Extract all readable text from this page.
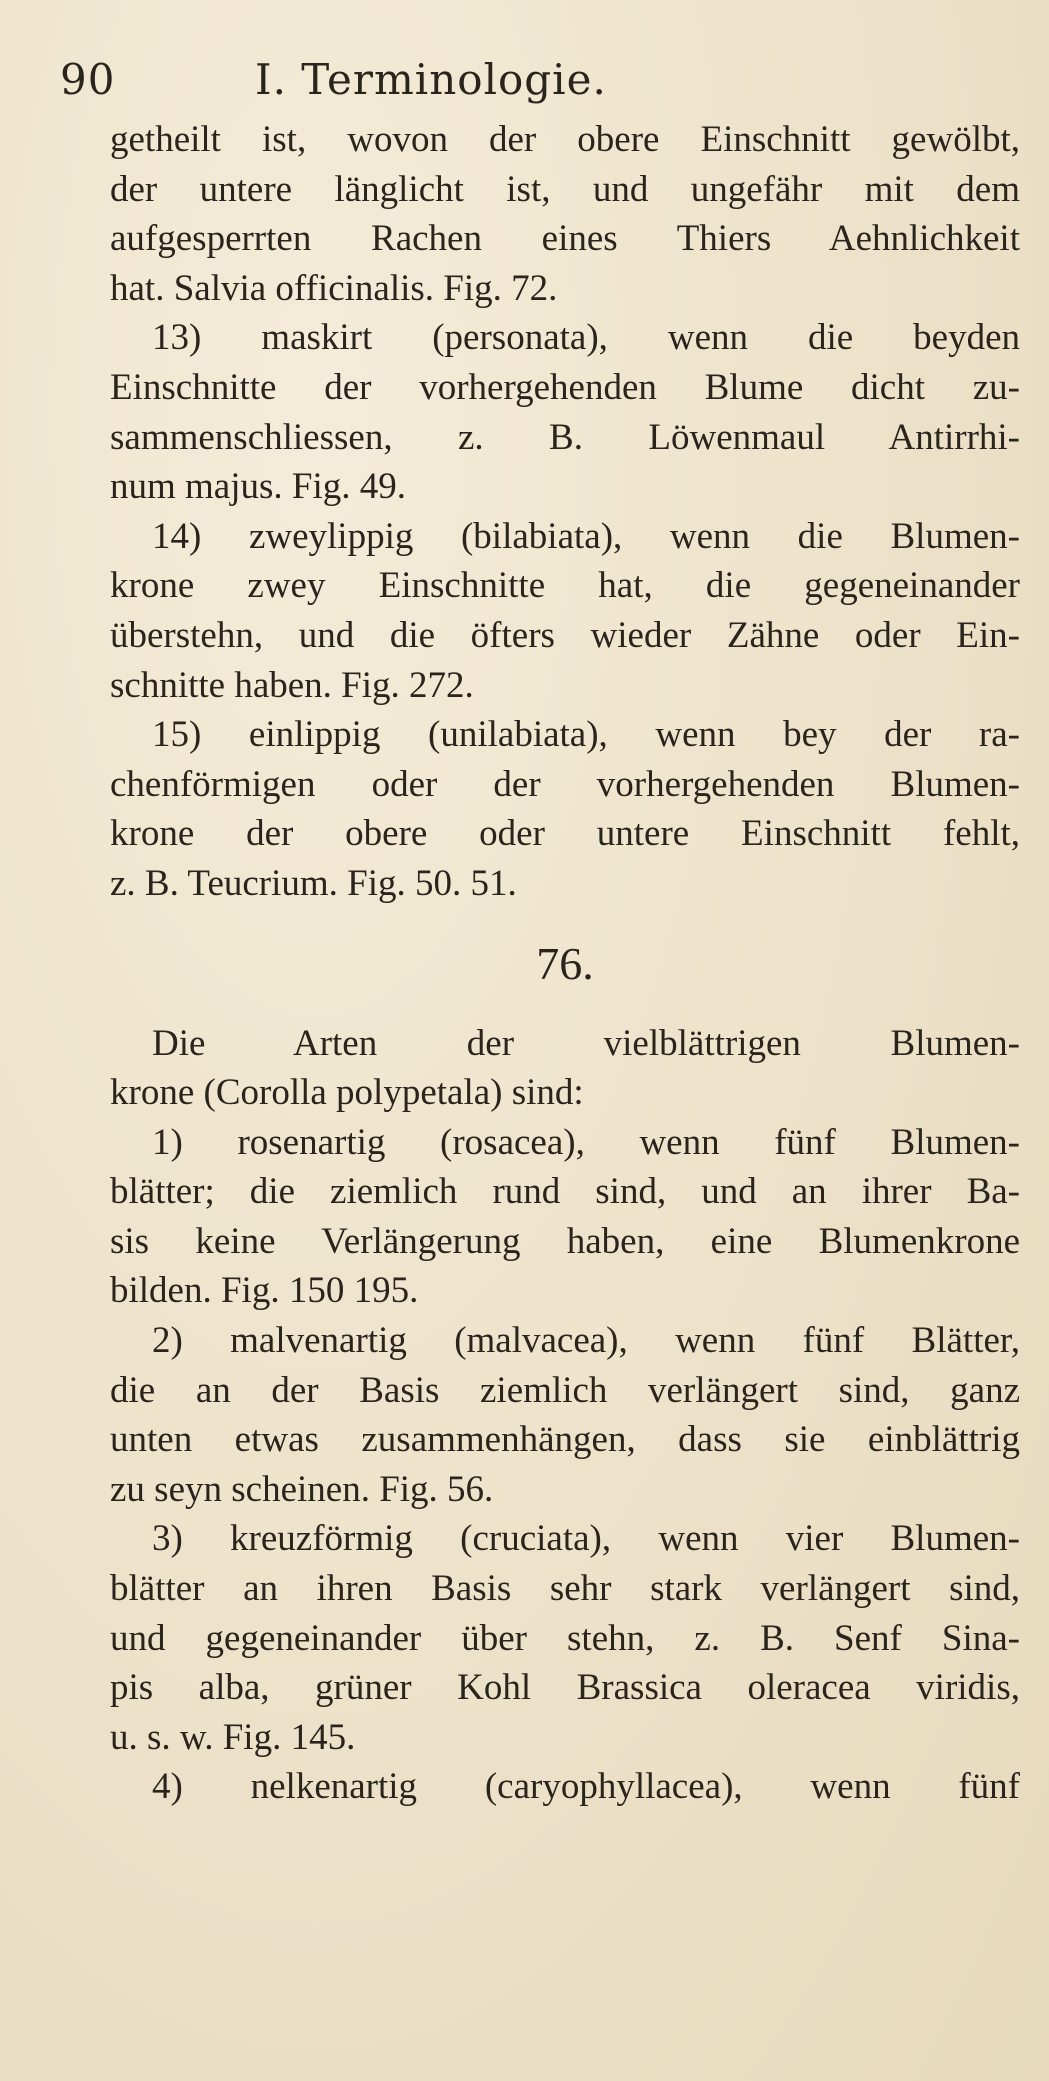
90	I. Terminologie.
getheilt ist, wovon der obere Einschnitt gewölbt,
der untere länglicht ist, und ungefähr mit dem
aufgesperrten Rachen eines Thiers Aehnlichkeit
hat. Salvia officinalis. Fig. 72.
13) maskirt (personata), wenn die beyden
Einschnitte der vorhergehenden Blume dicht zu-
sammenschliessen, z. B. Löwenmaul Antirrhi-
num majus. Fig. 49.
14) zweylippig (bilabiata), wenn die Blumen-
krone zwey Einschnitte hat, die gegeneinander
überstehn, und die öfters wieder Zähne oder Ein-
schnitte haben. Fig. 272.
15) einlippig (unilabiata), wenn bey der ra-
chenförmigen oder der vorhergehenden Blumen-
krone der obere oder untere Einschnitt fehlt,
z. B. Teucrium. Fig. 50. 51.
76.
Die Arten der vielblättrigen Blumen-
krone (Corolla polypetala) sind:
1) rosenartig (rosacea), wenn fünf Blumen-
blätter; die ziemlich rund sind, und an ihrer Ba-
sis keine Verlängerung haben, eine Blumenkrone
bilden. Fig. 150 195.
2) malvenartig (malvacea), wenn fünf Blätter,
die an der Basis ziemlich verlängert sind, ganz
unten etwas zusammenhängen, dass sie einblättrig
zu seyn scheinen. Fig. 56.
3) kreuzförmig (cruciata), wenn vier Blumen-
blätter an ihren Basis sehr stark verlängert sind,
und gegeneinander über stehn, z. B. Senf Sina-
pis alba, grüner Kohl Brassica oleracea viridis,
u. s. w. Fig. 145.
4) nelkenartig (caryophyllacea), wenn fünf
